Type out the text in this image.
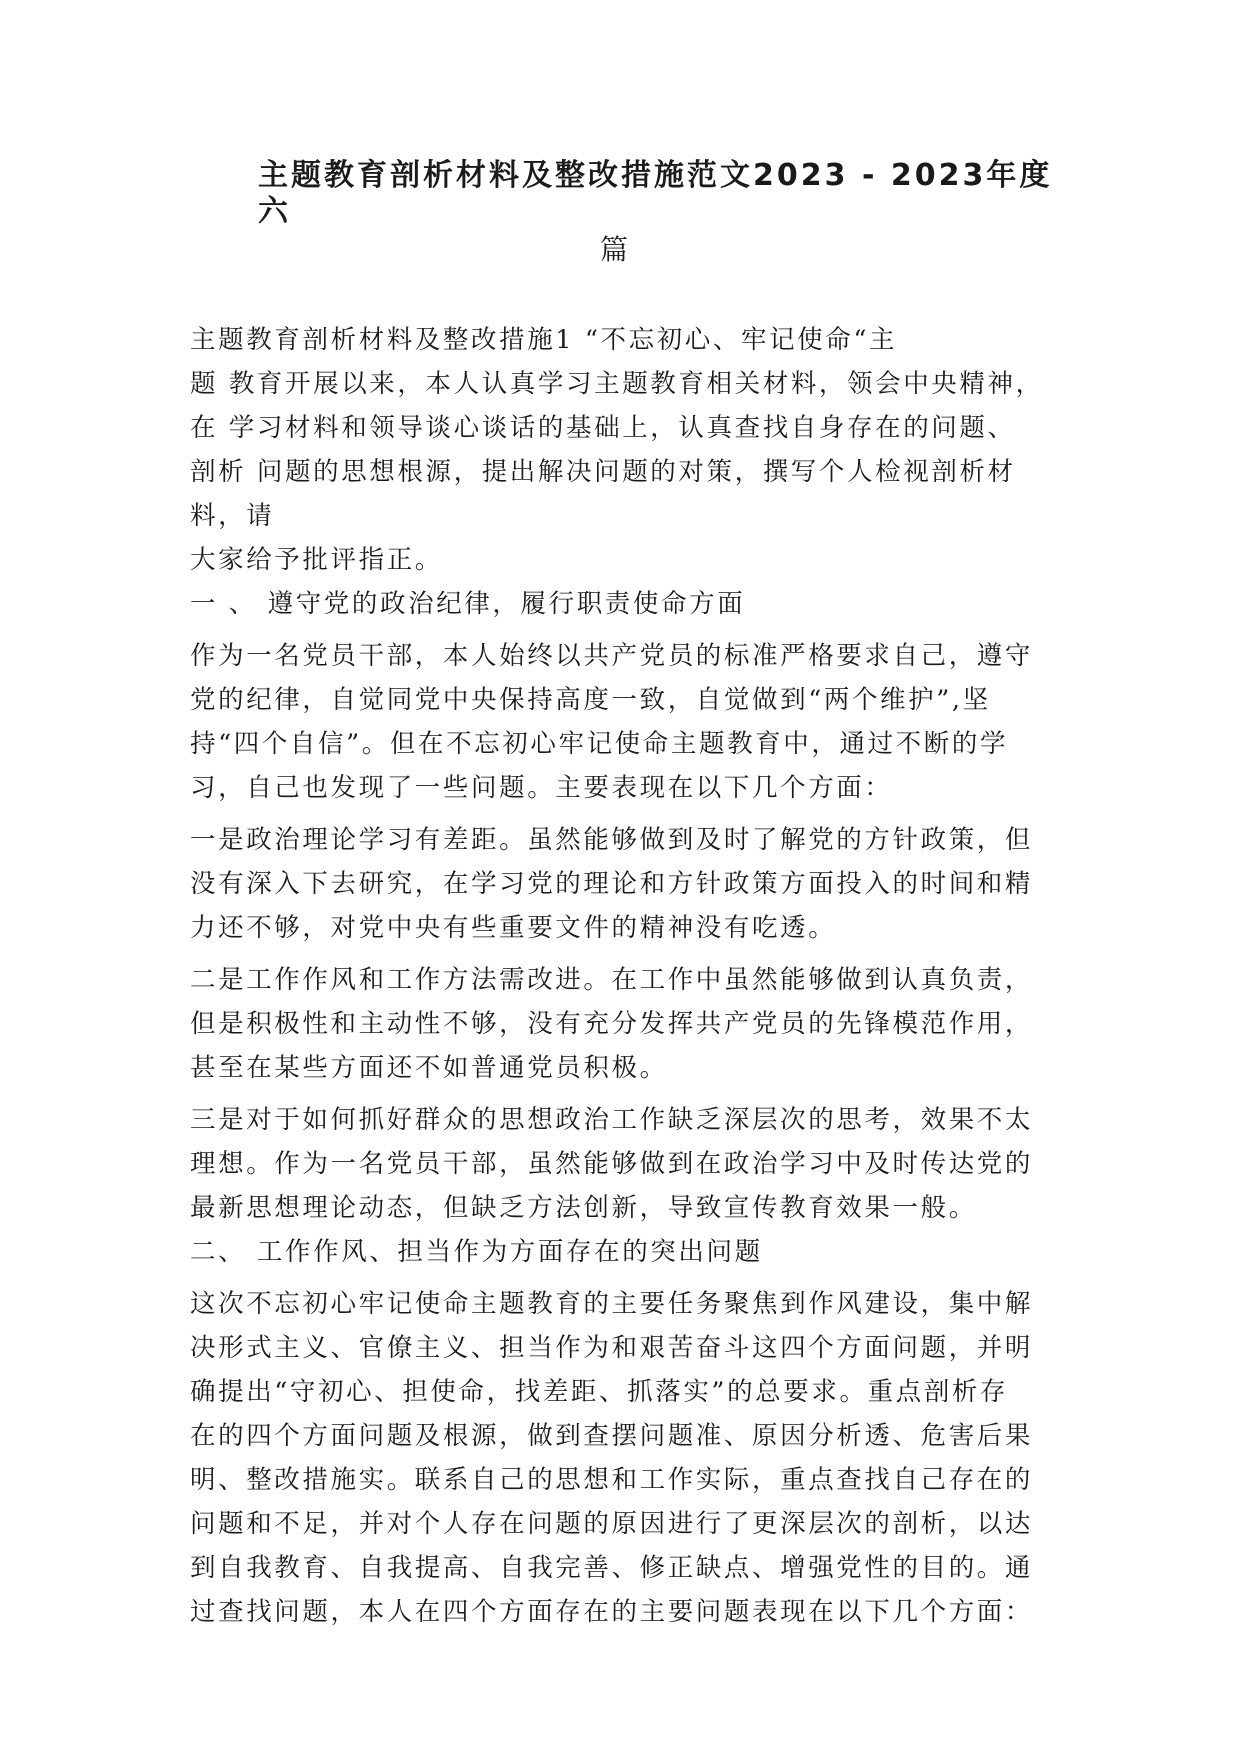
主题教育剖析材料及整改措施范文2023 - 2023年度
六
篇
主题教育剖析材料及整改措施1 “不忘初心、牢记使命“主
题 教育开展以来，本人认真学习主题教育相关材料，领会中央精神，
在 学习材料和领导谈心谈话的基础上，认真查找自身存在的问题、
剖析 问题的思想根源，提出解决问题的对策，撰写个人检视剖析材
料，请
大家给予批评指正。
一 、 遵守党的政治纪律，履行职责使命方面
作为一名党员干部，本人始终以共产党员的标准严格要求自己，遵守
党的纪律，自觉同党中央保持高度一致，自觉做到“两个维护”,坚
持“四个自信”。但在不忘初心牢记使命主题教育中，通过不断的学
习，自己也发现了一些问题。主要表现在以下几个方面：
一是政治理论学习有差距。虽然能够做到及时了解党的方针政策，但
没有深入下去研究，在学习党的理论和方针政策方面投入的时间和精
力还不够，对党中央有些重要文件的精神没有吃透。
二是工作作风和工作方法需改进。在工作中虽然能够做到认真负责，
但是积极性和主动性不够，没有充分发挥共产党员的先锋模范作用，
甚至在某些方面还不如普通党员积极。
三是对于如何抓好群众的思想政治工作缺乏深层次的思考，效果不太
理想。作为一名党员干部，虽然能够做到在政治学习中及时传达党的
最新思想理论动态，但缺乏方法创新，导致宣传教育效果一般。
二、 工作作风、担当作为方面存在的突出问题
这次不忘初心牢记使命主题教育的主要任务聚焦到作风建设，集中解
决形式主义、官僚主义、担当作为和艰苦奋斗这四个方面问题，并明
确提出“守初心、担使命，找差距、抓落实”的总要求。重点剖析存
在的四个方面问题及根源，做到查摆问题准、原因分析透、危害后果
明、整改措施实。联系自己的思想和工作实际，重点查找自己存在的
问题和不足，并对个人存在问题的原因进行了更深层次的剖析，以达
到自我教育、自我提高、自我完善、修正缺点、增强党性的目的。通
过查找问题，本人在四个方面存在的主要问题表现在以下几个方面：
